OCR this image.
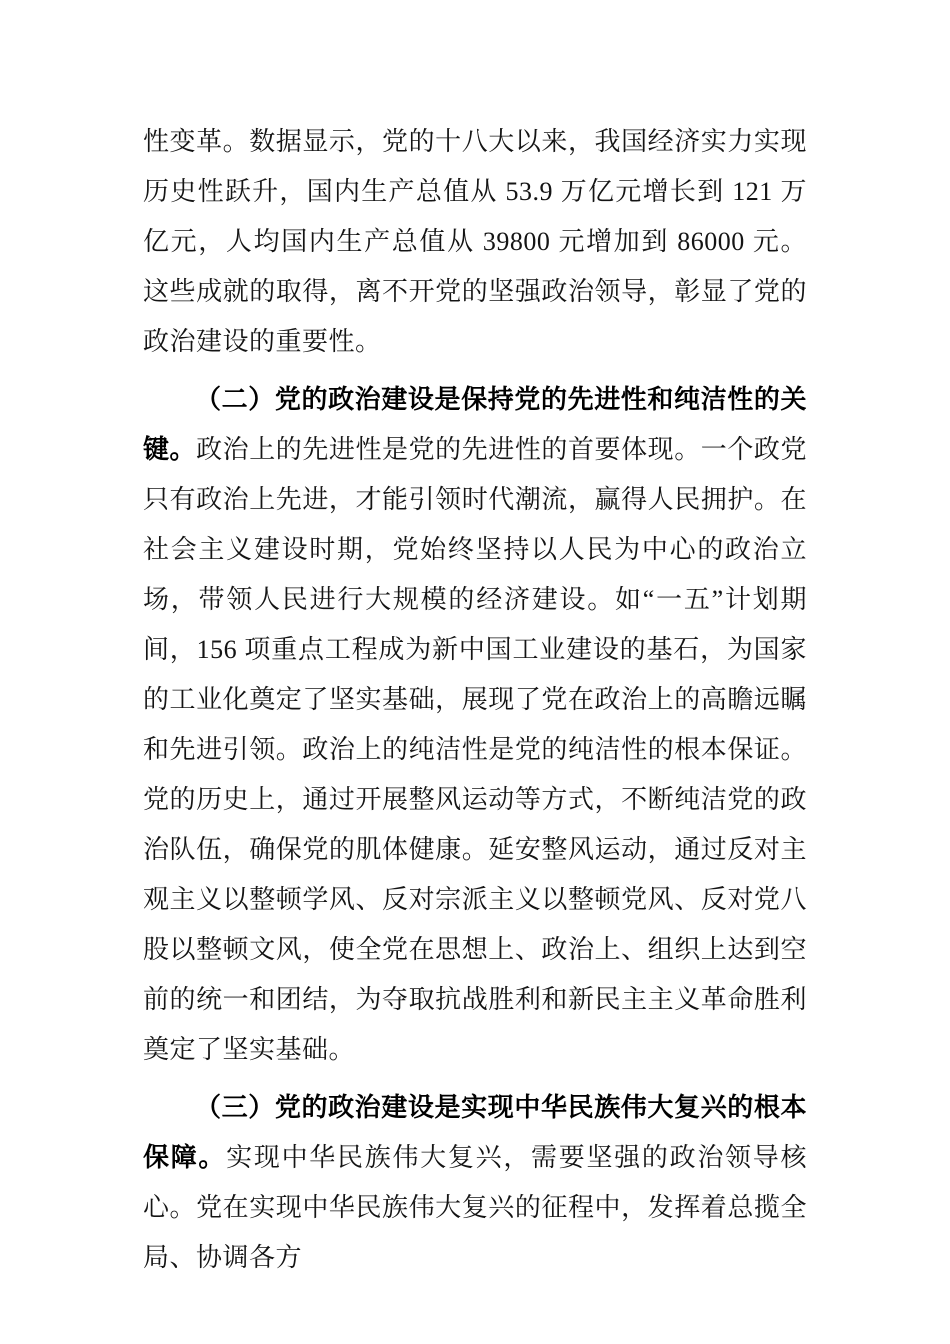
性变革。数据显示，党的十八大以来，我国经济实力实现历史性跃升，国内生产总值从 53.9 万亿元增长到 121 万亿元，人均国内生产总值从 39800 元增加到 86000 元。这些成就的取得，离不开党的坚强政治领导，彰显了党的政治建设的重要性。

（二）党的政治建设是保持党的先进性和纯洁性的关键。政治上的先进性是党的先进性的首要体现。一个政党只有政治上先进，才能引领时代潮流，赢得人民拥护。在社会主义建设时期，党始终坚持以人民为中心的政治立场，带领人民进行大规模的经济建设。如“一五”计划期间，156 项重点工程成为新中国工业建设的基石，为国家的工业化奠定了坚实基础，展现了党在政治上的高瞻远瞩和先进引领。政治上的纯洁性是党的纯洁性的根本保证。党的历史上，通过开展整风运动等方式，不断纯洁党的政治队伍，确保党的肌体健康。延安整风运动，通过反对主观主义以整顿学风、反对宗派主义以整顿党风、反对党八股以整顿文风，使全党在思想上、政治上、组织上达到空前的统一和团结，为夺取抗战胜利和新民主主义革命胜利奠定了坚实基础。

（三）党的政治建设是实现中华民族伟大复兴的根本保障。实现中华民族伟大复兴，需要坚强的政治领导核心。党在实现中华民族伟大复兴的征程中，发挥着总揽全局、协调各方
